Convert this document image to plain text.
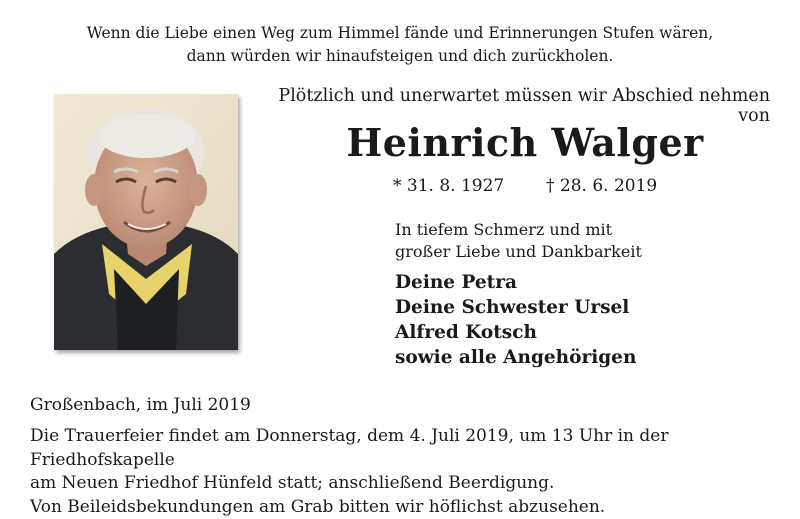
Wenn die Liebe einen Weg zum Himmel fände und Erinnerungen Stufen wären,
dann würden wir hinaufsteigen und dich zurückholen.
Plötzlich und unerwartet müssen wir Abschied nehmen von
Heinrich Walger
* 31. 8. 1927 † 28. 6. 2019
In tiefem Schmerz und mit
großer Liebe und Dankbarkeit
Deine Petra
Deine Schwester Ursel
Alfred Kotsch
sowie alle Angehörigen
Großenbach, im Juli 2019
Die Trauerfeier findet am Donnerstag, dem 4. Juli 2019, um 13 Uhr in der Friedhofskapelle
am Neuen Friedhof Hünfeld statt; anschließend Beerdigung.
Von Beileidsbekundungen am Grab bitten wir höflichst abzusehen.
